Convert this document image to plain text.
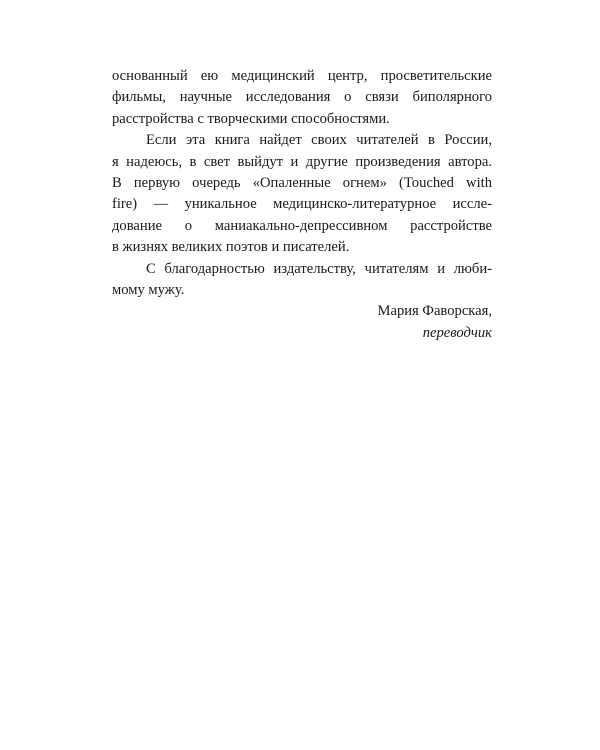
основанный ею медицинский центр, просветительские

фильмы, научные исследования о связи биполярного

расстройства с творческими способностями.

Если эта книга найдет своих читателей в России,

я надеюсь, в свет выйдут и другие произведения автора.

В первую очередь «Опаленные огнем» (Touched with

fire) — уникальное медицинско-литературное иссле-

дование о маниакально-депрессивном расстройстве

в жизнях великих поэтов и писателей.

С благодарностью издательству, читателям и люби-

мому мужу.

Мария Фаворская,

переводчик
